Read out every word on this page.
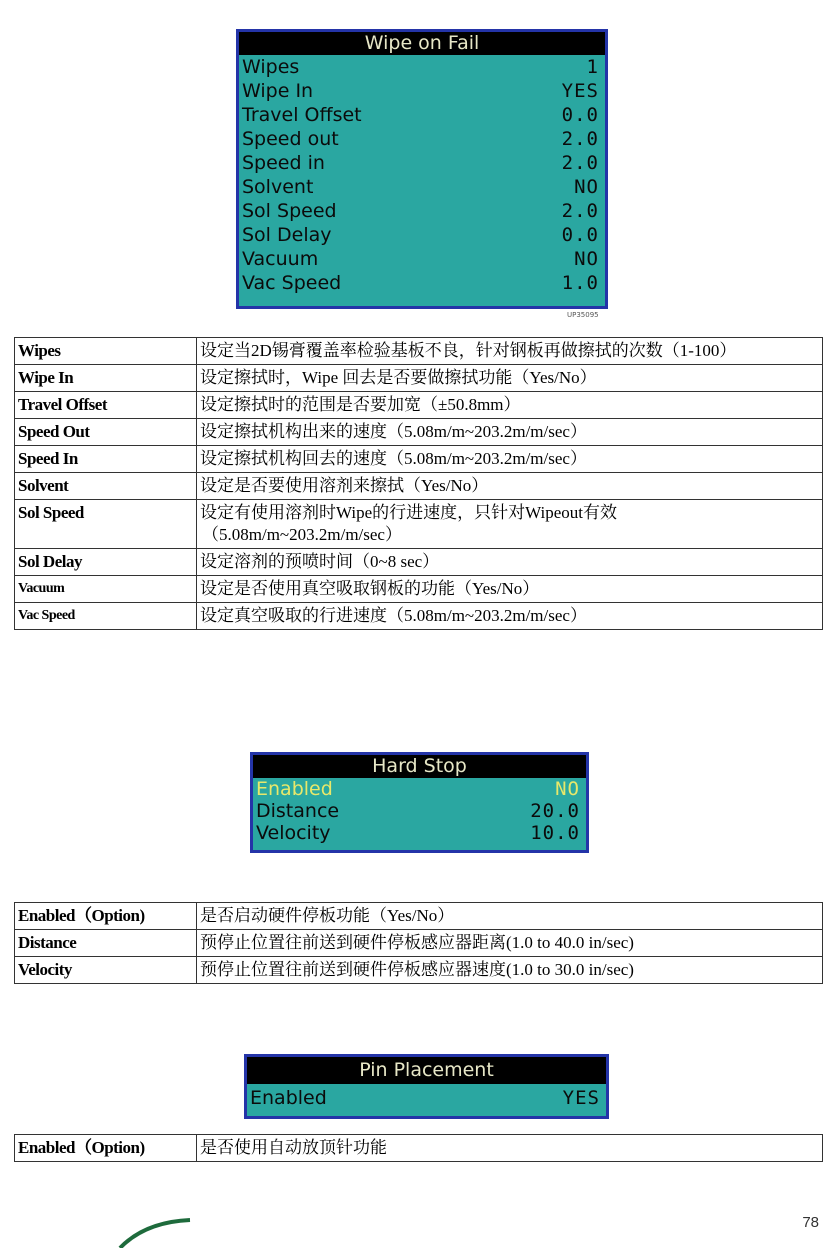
Wipe on Fail
Wipes	1
Wipe In	YES
Travel Offset	0.0
Speed out	2.0
Speed in	2.0
Solvent	NO
Sol Speed	2.0
Sol Delay	0.0
Vacuum	NO
Vac Speed	1.0
UP35095
Wipes	设定当2D锡膏覆盖率检验基板不良，针对钢板再做擦拭的次数（1-100）
Wipe In	设定擦拭时，Wipe 回去是否要做擦拭功能（Yes/No）
Travel Offset	设定擦拭时的范围是否要加宽（±50.8mm）
Speed Out	设定擦拭机构出来的速度（5.08m/m~203.2m/m/sec）
Speed In	设定擦拭机构回去的速度（5.08m/m~203.2m/m/sec）
Solvent	设定是否要使用溶剂来擦拭（Yes/No）
Sol Speed	设定有使用溶剂时Wipe的行进速度，只针对Wipeout有效
（5.08m/m~203.2m/m/sec）

Sol Delay	设定溶剂的预喷时间（0~8 sec）
Vacuum	设定是否使用真空吸取钢板的功能（Yes/No）
Vac Speed	设定真空吸取的行进速度（5.08m/m~203.2m/m/sec）
Hard Stop
Enabled	NO
Distance	20.0
Velocity	10.0
Enabled（Option)	是否启动硬件停板功能（Yes/No）
Distance	预停止位置往前送到硬件停板感应器距离(1.0 to 40.0 in/sec)
Velocity	预停止位置往前送到硬件停板感应器速度(1.0 to 30.0 in/sec)
Pin Placement
Enabled	YES
Enabled（Option)	是否使用自动放顶针功能
78
